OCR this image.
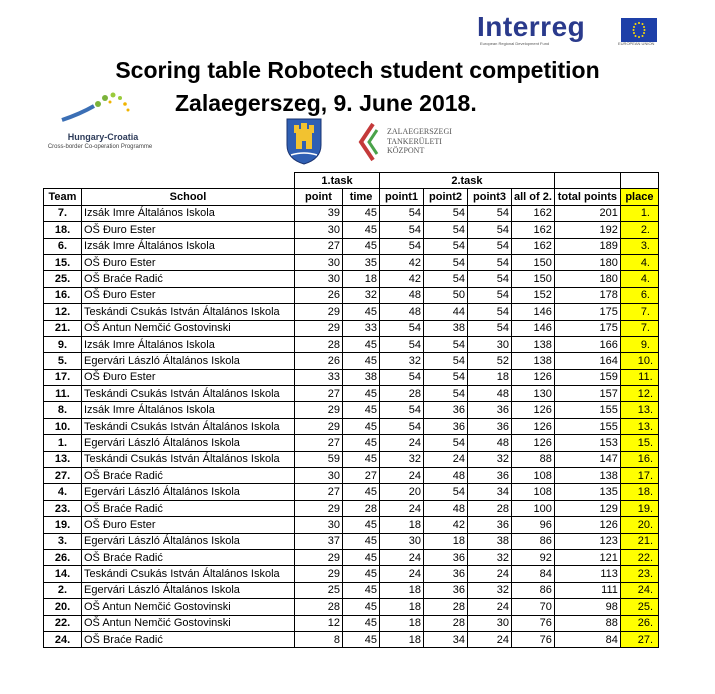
Interreg
European Regional Development Fund	EUROPEAN UNION
Scoring table Robotech student competition
Zalaegerszeg, 9. June 2018.
Hungary-Croatia
Cross-border Co-operation Programme
ZALAEGERSZEGI
TANKERÜLETI
KÖZPONT
		1.task		2.task					
Team	School	point	time	point1	point2	point3	all of 2.	total points	place
7.	Izsák Imre Általános Iskola	39	45	54	54	54	162	201	1.
18.	OŠ Đuro Ester	30	45	54	54	54	162	192	2.
6.	Izsák Imre Általános Iskola	27	45	54	54	54	162	189	3.
15.	OŠ Đuro Ester	30	35	42	54	54	150	180	4.
25.	OŠ Braće Radić	30	18	42	54	54	150	180	4.
16.	OŠ Đuro Ester	26	32	48	50	54	152	178	6.
12.	Teskándi Csukás István Általános Iskola	29	45	48	44	54	146	175	7.
21.	OŠ Antun Nemčić Gostovinski	29	33	54	38	54	146	175	7.
9.	Izsák Imre Általános Iskola	28	45	54	54	30	138	166	9.
5.	Egervári László Általános Iskola	26	45	32	54	52	138	164	10.
17.	OŠ Đuro Ester	33	38	54	54	18	126	159	11.
11.	Teskándi Csukás István Általános Iskola	27	45	28	54	48	130	157	12.
8.	Izsák Imre Általános Iskola	29	45	54	36	36	126	155	13.
10.	Teskándi Csukás István Általános Iskola	29	45	54	36	36	126	155	13.
1.	Egervári László Általános Iskola	27	45	24	54	48	126	153	15.
13.	Teskándi Csukás István Általános Iskola	59	45	32	24	32	88	147	16.
27.	OŠ Braće Radić	30	27	24	48	36	108	138	17.
4.	Egervári László Általános Iskola	27	45	20	54	34	108	135	18.
23.	OŠ Braće Radić	29	28	24	48	28	100	129	19.
19.	OŠ Đuro Ester	30	45	18	42	36	96	126	20.
3.	Egervári László Általános Iskola	37	45	30	18	38	86	123	21.
26.	OŠ Braće Radić	29	45	24	36	32	92	121	22.
14.	Teskándi Csukás István Általános Iskola	29	45	24	36	24	84	113	23.
2.	Egervári László Általános Iskola	25	45	18	36	32	86	111	24.
20.	OŠ Antun Nemčić Gostovinski	28	45	18	28	24	70	98	25.
22.	OŠ Antun Nemčić Gostovinski	12	45	18	28	30	76	88	26.
24.	OŠ Braće Radić	8	45	18	34	24	76	84	27.
